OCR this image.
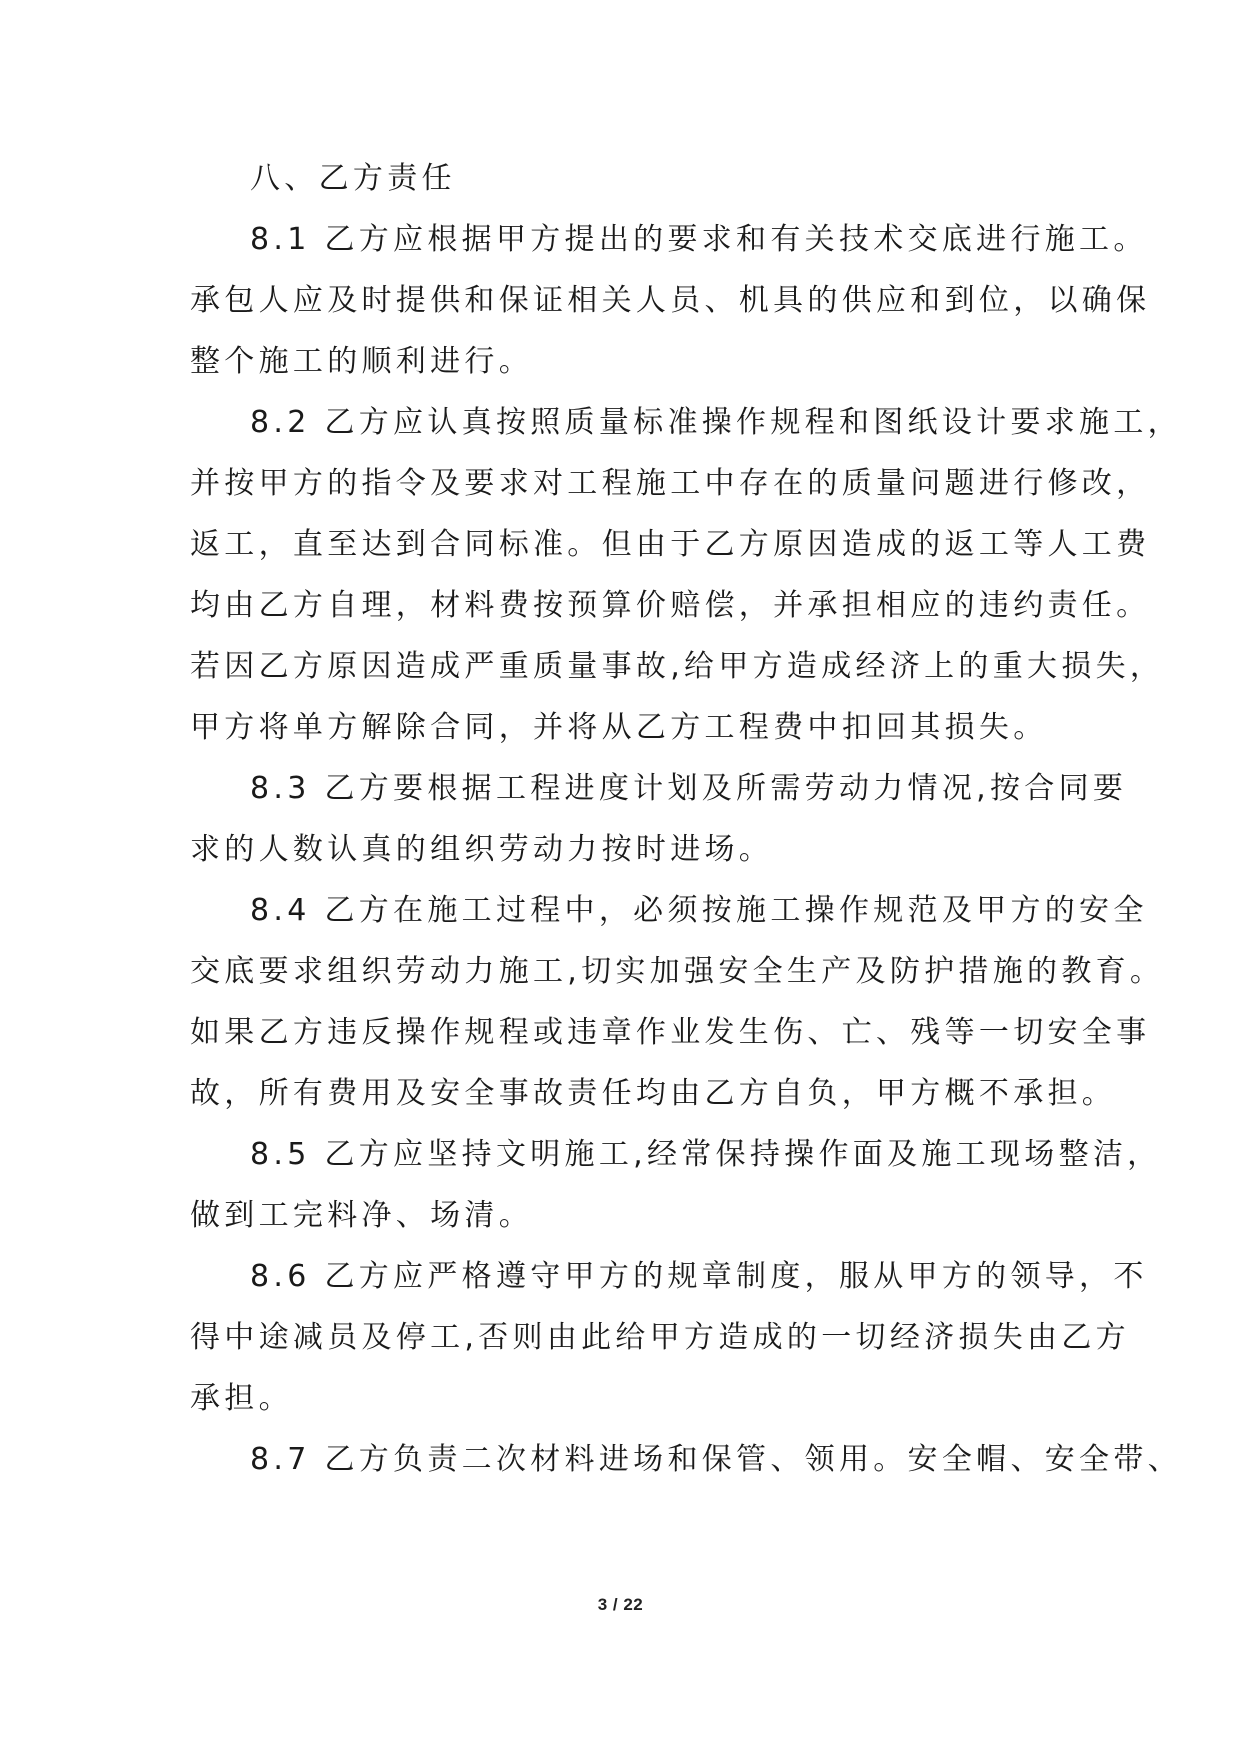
八、乙方责任

8.1 乙方应根据甲方提出的要求和有关技术交底进行施工。
承包人应及时提供和保证相关人员、机具的供应和到位，以确保
整个施工的顺利进行。

8.2 乙方应认真按照质量标准操作规程和图纸设计要求施工，
并按甲方的指令及要求对工程施工中存在的质量问题进行修改，
返工，直至达到合同标准。但由于乙方原因造成的返工等人工费
均由乙方自理，材料费按预算价赔偿，并承担相应的违约责任。
若因乙方原因造成严重质量事故,给甲方造成经济上的重大损失，
甲方将单方解除合同，并将从乙方工程费中扣回其损失。

8.3 乙方要根据工程进度计划及所需劳动力情况,按合同要
求的人数认真的组织劳动力按时进场。

8.4 乙方在施工过程中，必须按施工操作规范及甲方的安全
交底要求组织劳动力施工,切实加强安全生产及防护措施的教育。
如果乙方违反操作规程或违章作业发生伤、亡、残等一切安全事
故，所有费用及安全事故责任均由乙方自负，甲方概不承担。

8.5 乙方应坚持文明施工,经常保持操作面及施工现场整洁，
做到工完料净、场清。

8.6 乙方应严格遵守甲方的规章制度，服从甲方的领导，不
得中途减员及停工,否则由此给甲方造成的一切经济损失由乙方
承担。

8.7 乙方负责二次材料进场和保管、领用。安全帽、安全带、

3 / 22
